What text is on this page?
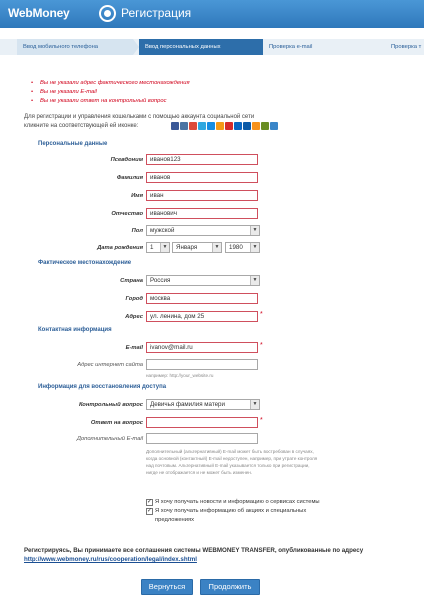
WebMoney	Регистрация
Ввод мобильного телефона	Ввод персональных данных	Проверка e-mail	Проверка т
• Вы не указали адрес фактического местонахождения
• Вы не указали E-mail
• Вы не указали ответ на контрольный вопрос
Для регистрации и управления кошельками с помощью аккаунта социальной сети
кликните на соответствующей ей иконке:
Персональные данные
Псевдоним	иванов123
Фамилия	иванов
Имя	иван
Отчество	иванович
Пол	мужской	▼
Дата рождения	1	▼	Января	▼	1980	▼
Фактическое местонахождение
Страна	Россия	▼
Город	москва
Адрес	ул. ленина, дом 25	*
Контактная информация
E-mail	ivanov@mail.ru	*
Адрес интернет сайта
например: http://your_website.ru
Информация для восстановления доступа
Контрольный вопрос	Девичья фамилия матери	▼
Ответ на вопрос	*
Дополнительный E-mail
Дополнительный (альтернативный) E-mail может быть востребован в случаях,
когда основной (контактный) E-mail недоступен, например, при утрате контроля
над почтовым. Альтернативный E-mail указывается только при регистрации,
нигде не отображается и не может быть изменен.
✓ Я хочу получать новости и информацию о сервисах системы
✓ Я хочу получать информацию об акциях и специальных
предложениях
Регистрируясь, Вы принимаете все соглашения системы WEBMONEY TRANSFER, опубликованные по адресу
http://www.webmoney.ru/rus/cooperation/legal/index.shtml
Вернуться	Продолжить
